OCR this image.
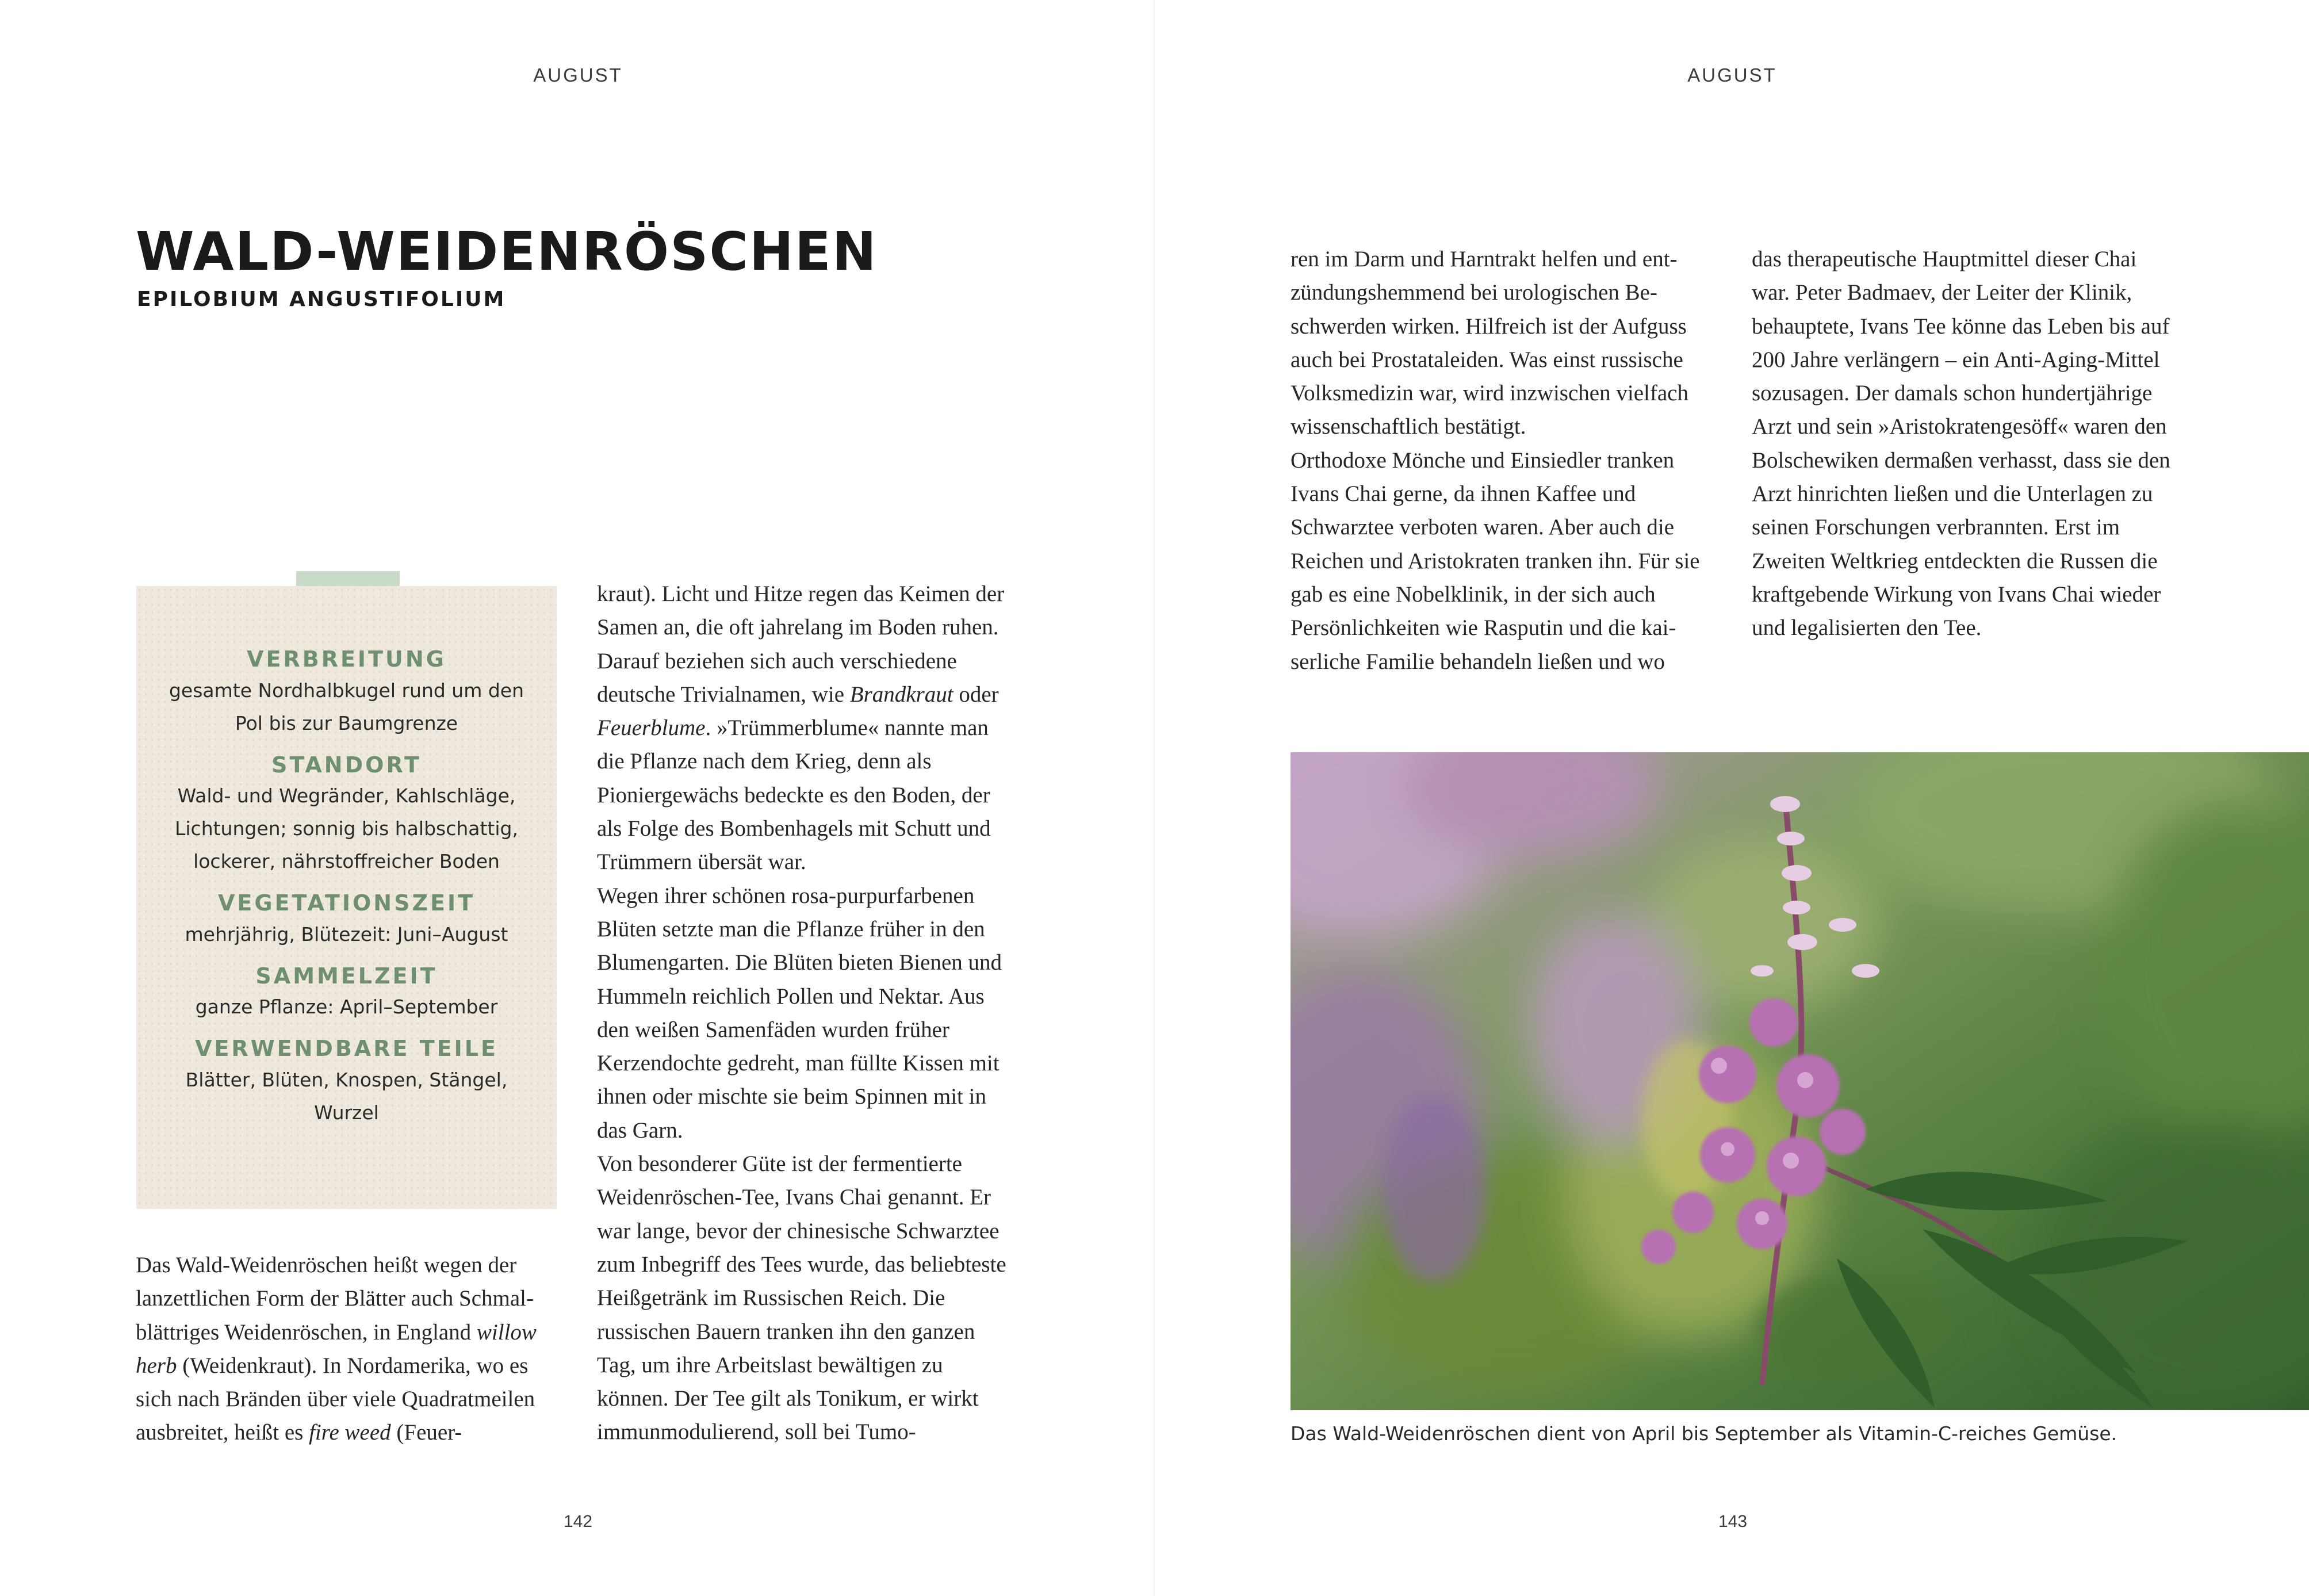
AUGUST
WALD-WEIDENRÖSCHEN
EPILOBIUM ANGUSTIFOLIUM
VERBREITUNG
gesamte Nordhalbkugel rund um den Pol bis zur Baumgrenze
STANDORT
Wald- und Wegränder, Kahlschläge, Lichtungen; sonnig bis halbschattig, lockerer, nährstoffreicher Boden
VEGETATIONSZEIT
mehrjährig, Blütezeit: Juni–August
SAMMELZEIT
ganze Pflanze: April–September
VERWENDBARE TEILE
Blätter, Blüten, Knospen, Stängel, Wurzel

Das Wald-Weidenröschen heißt wegen der lanzettlichen Form der Blätter auch Schmalblättriges Weidenröschen, in England willow herb (Weidenkraut). In Nordamerika, wo es sich nach Bränden über viele Quadratmeilen ausbreitet, heißt es fire weed (Feuer-

kraut). Licht und Hitze regen das Keimen der Samen an, die oft jahrelang im Boden ruhen. Darauf beziehen sich auch verschiedene deutsche Trivialnamen, wie Brandkraut oder Feuerblume. »Trümmerblume« nannte man die Pflanze nach dem Krieg, denn als Pioniergewächs bedeckte es den Boden, der als Folge des Bombenhagels mit Schutt und Trümmern übersät war.

Wegen ihrer schönen rosa-purpurfarbenen Blüten setzte man die Pflanze früher in den Blumengarten. Die Blüten bieten Bienen und Hummeln reichlich Pollen und Nektar. Aus den weißen Samenfäden wurden früher Kerzendochte gedreht, man füllte Kissen mit ihnen oder mischte sie beim Spinnen mit in das Garn.

Von besonderer Güte ist der fermentierte Weidenröschen-Tee, Ivans Chai genannt. Er war lange, bevor der chinesische Schwarztee zum Inbegriff des Tees wurde, das beliebteste Heißgetränk im Russischen Reich. Die russischen Bauern tranken ihn den ganzen Tag, um ihre Arbeitslast bewältigen zu können. Der Tee gilt als Tonikum, er wirkt immunmodulierend, soll bei Tumo-

142
AUGUST

ren im Darm und Harntrakt helfen und entzündungshemmend bei urologischen Beschwerden wirken. Hilfreich ist der Aufguss auch bei Prostataleiden. Was einst russische Volksmedizin war, wird inzwischen vielfach wissenschaftlich bestätigt.

Orthodoxe Mönche und Einsiedler tranken Ivans Chai gerne, da ihnen Kaffee und Schwarztee verboten waren. Aber auch die Reichen und Aristokraten tranken ihn. Für sie gab es eine Nobelklinik, in der sich auch Persönlichkeiten wie Rasputin und die kaiserliche Familie behandeln ließen und wo

das therapeutische Hauptmittel dieser Chai war. Peter Badmaev, der Leiter der Klinik, behauptete, Ivans Tee könne das Leben bis auf 200 Jahre verlängern – ein Anti-Aging-Mittel sozusagen. Der damals schon hundertjährige Arzt und sein »Aristokratengesöff« waren den Bolschewiken dermaßen verhasst, dass sie den Arzt hinrichten ließen und die Unterlagen zu seinen Forschungen verbrannten. Erst im Zweiten Weltkrieg entdeckten die Russen die kraftgebende Wirkung von Ivans Chai wieder und legalisierten den Tee.

Das Wald-Weidenröschen dient von April bis September als Vitamin-C-reiches Gemüse.
143
